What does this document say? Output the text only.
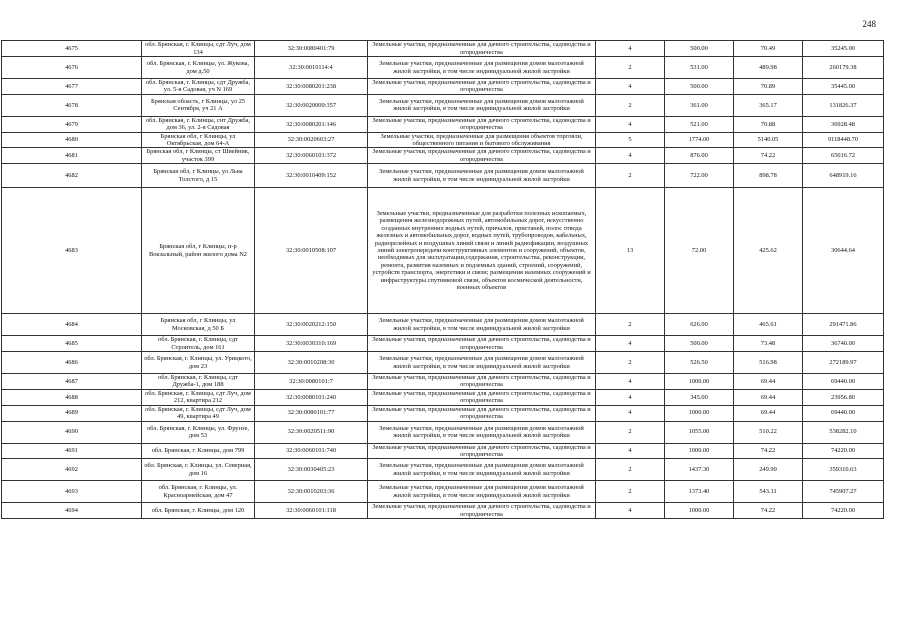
248
4675	обл. Брянская, г. Клинцы, сдт Луч, дом 134	32:30:0080401:79	Земельные участки, предназначенные для дачного строительства, садоводства и огородничества	4	500.00	70.49	35245.00
4676	обл. Брянская, г. Клинцы, ул. Жукова, дом д.50	32:30:0010114:4	Земельные участки, предназначенные для размещения домов малоэтажной жилой застройки, в том числе индивидуальной жилой застройки	2	531.00	489.98	260179.38
4677	обл. Брянская, г. Клинцы, сдт Дружба, ул. 5-я Садовая, уч N 169	32:30:0080201:238	Земельные участки, предназначенные для дачного строительства, садоводства и огородничества	4	500.00	70.89	35445.00
4678	Брянская область, г Клинцы, ул 25 Сентября, уч 21 А	32:30:0020009:357	Земельные участки, предназначенные для размещения домов малоэтажной жилой застройки, в том числе индивидуальной жилой застройки	2	361.00	365.17	131826.37
4679	обл. Брянская, г. Клинцы, снт Дружба, дом 36, ул. 2-я Садовая	32:30:0080201:146	Земельные участки, предназначенные для дачного строительства, садоводства и огородничества	4	521.00	70.88	36928.48
4680	Брянская обл, г Клинцы, ул Октябрьская, дом 64-А	32:30:0020603:27	Земельные участки, предназначенные для размещения объектов торговли, общественного питания и бытового обслуживания	5	1774.00	5140.05	9118448.70
4681	Брянская обл, г Клинцы, ст Швейник, участок 399	32:30:0060101:372	Земельные участки, предназначенные для дачного строительства, садоводства и огородничества	4	876.00	74.22	65016.72
4682	Брянская обл, г Клинцы, ул Льва Толстого, д 15	32:30:0010409:152	Земельные участки, предназначенные для размещения домов малоэтажной жилой застройки, в том числе индивидуальной жилой застройки	2	722.00	898.78	648919.16
4683	Брянская обл, г Клинцы, п-р Вокзальный, район жилого дома N2	32:30:0010508:107	Земельные участки, предназначенные для разработки полезных ископаемых, размещения железнодорожных путей, автомобильных дорог, искусственно созданных внутренних водных путей, причалов, пристаней, полос отвода железных и автомобильных дорог, водных путей, трубопроводов, кабельных, радиорелейных и воздушных линий связи и линий радиофикации, воздушных линий электропередачи конструктивных элементов и сооружений, объектов, необходимых для эксплуатации,содержания, строительства, реконструкции, ремонта, развития наземных и подземных зданий, строений, сооружений, устройств транспорта, энергетики и связи; размещения наземных сооружений и инфраструктуры спутниковой связи, объектов космической деятельности, военных объектов	13	72.00	425.62	30644.64
4684	Брянская обл, г Клинцы, ул Московская, д 50 Б	32:30:0020212:150	Земельные участки, предназначенные для размещения домов малоэтажной жилой застройки, в том числе индивидуальной жилой застройки	2	626.00	465.61	291471.86
4685	обл. Брянская, г. Клинцы, сдт Строитель, дом 161	32:30:0030310:169	Земельные участки, предназначенные для дачного строительства, садоводства и огородничества	4	500.00	73.48	36740.00
4686	обл. Брянская, г. Клинцы, ул. Урицкого, дом 23	32:30:0010208:30	Земельные участки, предназначенные для размещения домов малоэтажной жилой застройки, в том числе индивидуальной жилой застройки	2	526.50	516.98	272189.97
4687	обл. Брянская, г. Клинцы, сдт Дружба-1, дом 188	32:30:0080101:7	Земельные участки, предназначенные для дачного строительства, садоводства и огородничества	4	1000.00	69.44	69440.00
4688	обл. Брянская, г. Клинцы, сдт Луч, дом 212, квартира 212	32:30:0080101:240	Земельные участки, предназначенные для дачного строительства, садоводства и огородничества	4	345.00	69.44	23956.80
4689	обл. Брянская, г. Клинцы, сдт Луч, дом 49, квартира 49	32:30:0080101:77	Земельные участки, предназначенные для дачного строительства, садоводства и огородничества	4	1000.00	69.44	69440.00
4690	обл. Брянская, г. Клинцы, ул. Фрунзе, дом 53	32:30:0020511:90	Земельные участки, предназначенные для размещения домов малоэтажной жилой застройки, в том числе индивидуальной жилой застройки	2	1055.00	510.22	538282.10
4691	обл. Брянская, г. Клинцы, дом 799	32:30:0060101:740	Земельные участки, предназначенные для дачного строительства, садоводства и огородничества	4	1000.00	74.22	74220.00
4692	обл. Брянская, г. Клинцы, ул. Северная, дом 16	32:30:0030405:23	Земельные участки, предназначенные для размещения домов малоэтажной жилой застройки, в том числе индивидуальной жилой застройки	2	1437.30	249.99	359310.63
4693	обл. Брянская, г. Клинцы, ул. Красноармейская, дом 47	32:30:0010203:36	Земельные участки, предназначенные для размещения домов малоэтажной жилой застройки, в том числе индивидуальной жилой застройки	2	1373.40	543.11	745907.27
4694	обл. Брянская, г. Клинцы, дом 120	32:30:0060101:118	Земельные участки, предназначенные для дачного строительства, садоводства и огородничества	4	1000.00	74.22	74220.00
